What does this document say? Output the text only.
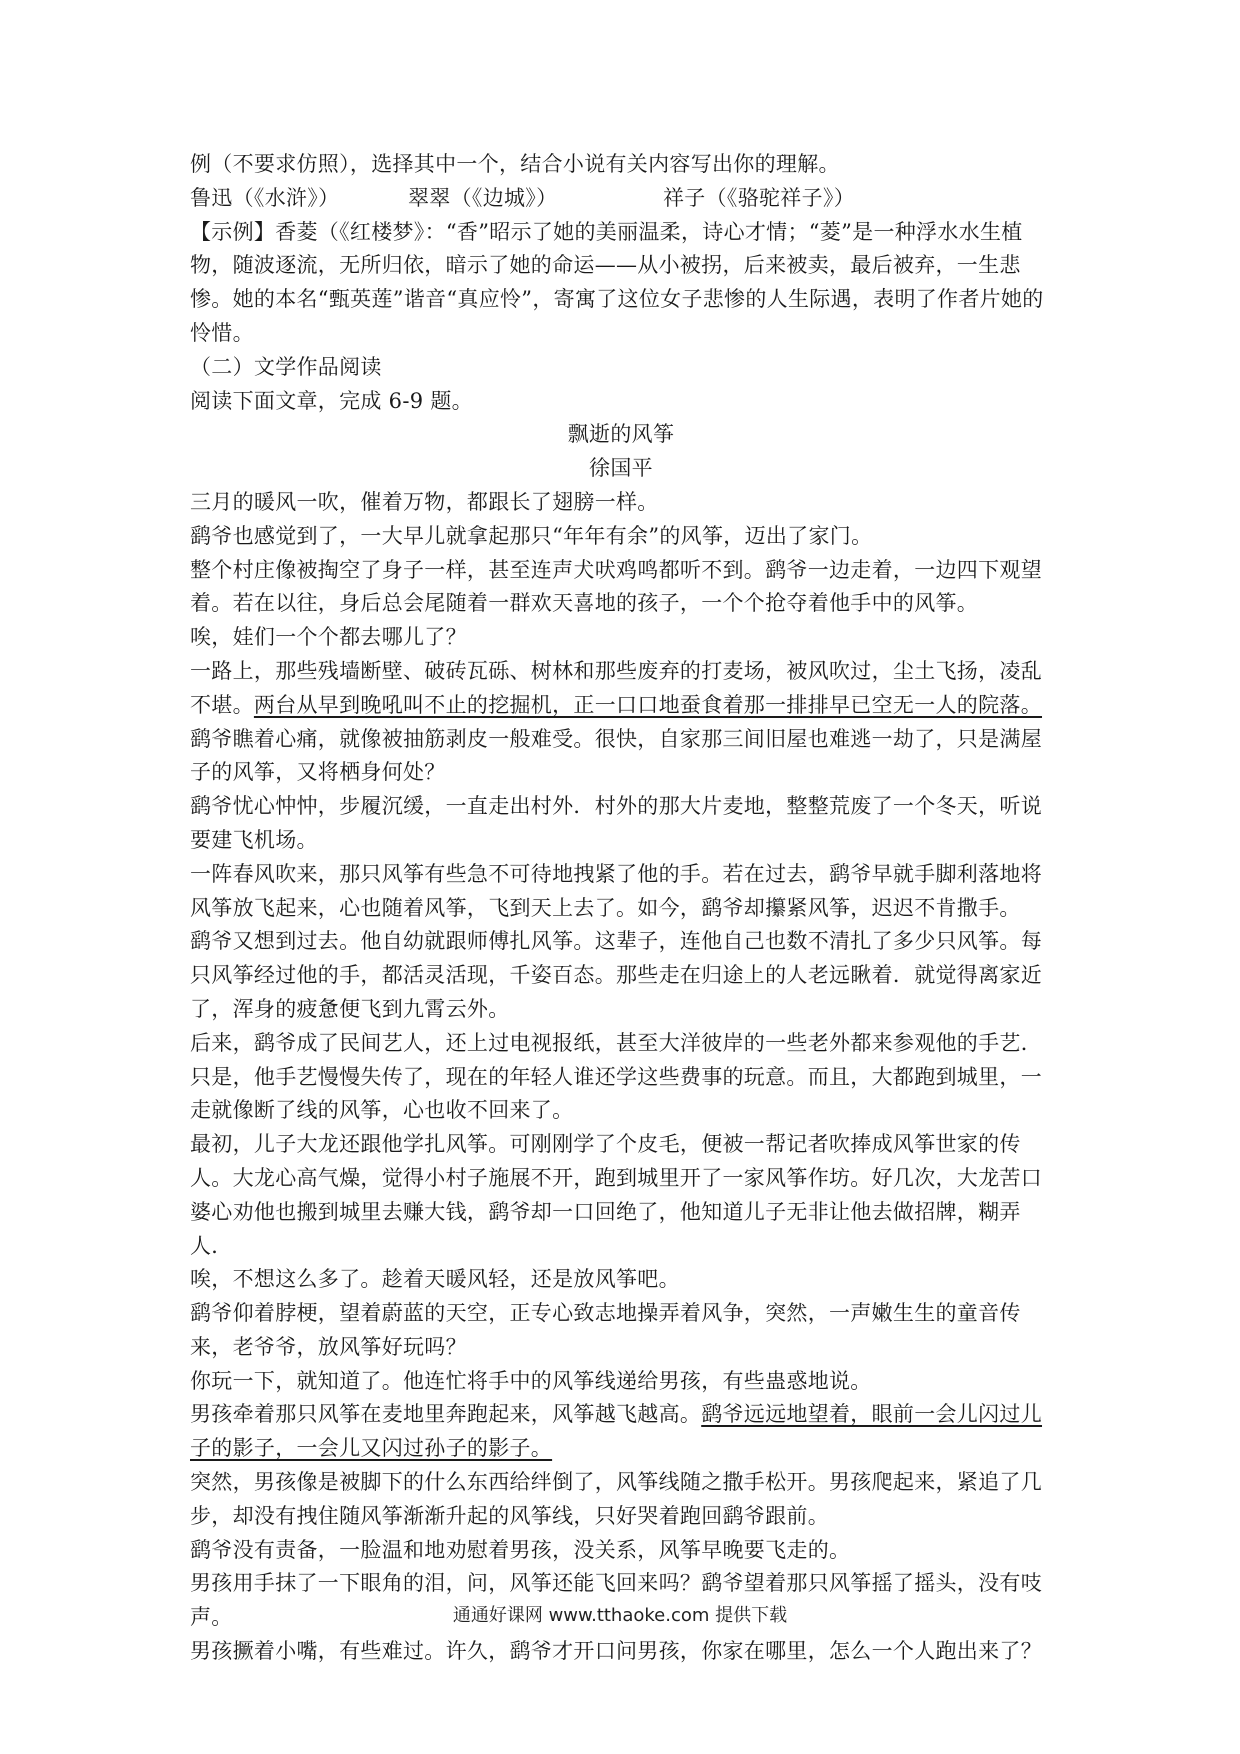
例（不要求仿照），选择其中一个，结合小说有关内容写出你的理解。
鲁迅（《水浒》）	翠翠（《边城》）	祥子（《骆驼祥子》）
【示例】香菱（《红楼梦》：“香”昭示了她的美丽温柔，诗心才情；“菱”是一种浮水水生植物，随波逐流，无所归依，暗示了她的命运——从小被拐，后来被卖，最后被弃，一生悲惨。她的本名“甄英莲”谐音“真应怜”，寄寓了这位女子悲惨的人生际遇，表明了作者片她的怜惜。
（二）文学作品阅读
阅读下面文章，完成 6-9 题。
飘逝的风筝
徐国平
三月的暖风一吹，催着万物，都跟长了翅膀一样。
鹞爷也感觉到了，一大早儿就拿起那只“年年有余”的风筝，迈出了家门。
整个村庄像被掏空了身子一样，甚至连声犬吠鸡鸣都听不到。鹞爷一边走着，一边四下观望着。若在以往，身后总会尾随着一群欢天喜地的孩子，一个个抢夺着他手中的风筝。
唉，娃们一个个都去哪儿了？
一路上，那些残墙断壁、破砖瓦砾、树林和那些废弃的打麦场，被风吹过，尘土飞扬，凌乱不堪。两台从早到晚吼叫不止的挖掘机，正一口口地蚕食着那一排排早已空无一人的院落。
鹞爷瞧着心痛，就像被抽筋剥皮一般难受。很快，自家那三间旧屋也难逃一劫了，只是满屋子的风筝，又将栖身何处？
鹞爷忧心忡忡，步履沉缓，一直走出村外．村外的那大片麦地，整整荒废了一个冬天，听说要建飞机场。
一阵春风吹来，那只风筝有些急不可待地拽紧了他的手。若在过去，鹞爷早就手脚利落地将风筝放飞起来，心也随着风筝，飞到天上去了。如今，鹞爷却攥紧风筝，迟迟不肯撒手。
鹞爷又想到过去。他自幼就跟师傅扎风筝。这辈子，连他自己也数不清扎了多少只风筝。每只风筝经过他的手，都活灵活现，千姿百态。那些走在归途上的人老远瞅着．就觉得离家近了，浑身的疲惫便飞到九霄云外。
后来，鹞爷成了民间艺人，还上过电视报纸，甚至大洋彼岸的一些老外都来参观他的手艺．只是，他手艺慢慢失传了，现在的年轻人谁还学这些费事的玩意。而且，大都跑到城里，一走就像断了线的风筝，心也收不回来了。
最初，儿子大龙还跟他学扎风筝。可刚刚学了个皮毛，便被一帮记者吹捧成风筝世家的传人。大龙心高气燥，觉得小村子施展不开，跑到城里开了一家风筝作坊。好几次，大龙苦口婆心劝他也搬到城里去赚大钱，鹞爷却一口回绝了，他知道儿子无非让他去做招牌，糊弄人．
唉，不想这么多了。趁着天暖风轻，还是放风筝吧。
鹞爷仰着脖梗，望着蔚蓝的天空，正专心致志地操弄着风争，突然，一声嫩生生的童音传来，老爷爷，放风筝好玩吗？
你玩一下，就知道了。他连忙将手中的风筝线递给男孩，有些蛊惑地说。
男孩牵着那只风筝在麦地里奔跑起来，风筝越飞越高。鹞爷远远地望着，眼前一会儿闪过儿子的影子，一会儿又闪过孙子的影子。
突然，男孩像是被脚下的什么东西给绊倒了，风筝线随之撒手松开。男孩爬起来，紧追了几步，却没有拽住随风筝渐渐升起的风筝线，只好哭着跑回鹞爷跟前。
鹞爷没有责备，一脸温和地劝慰着男孩，没关系，风筝早晚要飞走的。
男孩用手抹了一下眼角的泪，问，风筝还能飞回来吗？鹞爷望着那只风筝摇了摇头，没有吱声。
男孩撅着小嘴，有些难过。许久，鹞爷才开口问男孩，你家在哪里，怎么一个人跑出来了？
通通好课网 www.tthaoke.com 提供下载
